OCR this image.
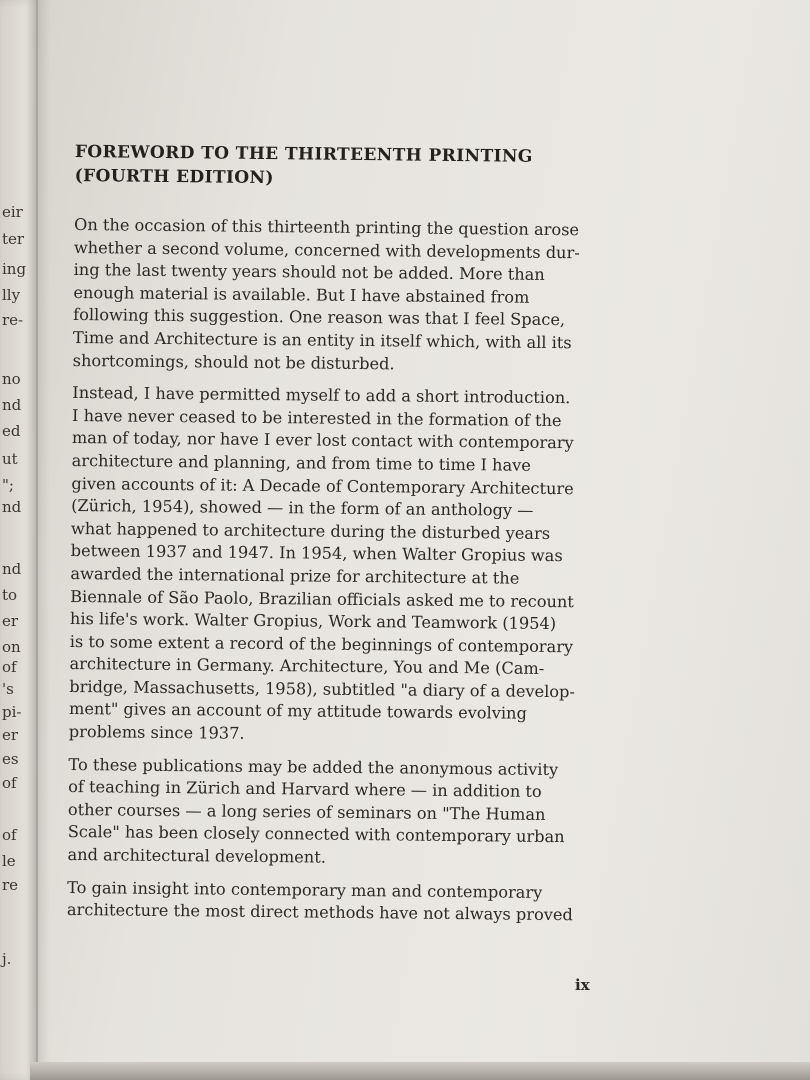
eir
ter
ing
lly
re-
no
nd
ed
ut
";
nd
nd
to
er
on
of
's
pi-
er
es
of
of
le
re
j.
FOREWORD TO THE THIRTEENTH PRINTING
(FOURTH EDITION)

On the occasion of this thirteenth printing the question arose
whether a second volume, concerned with developments dur-
ing the last twenty years should not be added. More than
enough material is available. But I have abstained from
following this suggestion. One reason was that I feel Space,
Time and Architecture is an entity in itself which, with all its
shortcomings, should not be disturbed.

Instead, I have permitted myself to add a short introduction.
I have never ceased to be interested in the formation of the
man of today, nor have I ever lost contact with contemporary
architecture and planning, and from time to time I have
given accounts of it: A Decade of Contemporary Architecture
(Zürich, 1954), showed — in the form of an anthology —
what happened to architecture during the disturbed years
between 1937 and 1947. In 1954, when Walter Gropius was
awarded the international prize for architecture at the
Biennale of São Paolo, Brazilian officials asked me to recount
his life's work. Walter Gropius, Work and Teamwork (1954)
is to some extent a record of the beginnings of contemporary
architecture in Germany. Architecture, You and Me (Cam-
bridge, Massachusetts, 1958), subtitled "a diary of a develop-
ment" gives an account of my attitude towards evolving
problems since 1937.

To these publications may be added the anonymous activity
of teaching in Zürich and Harvard where — in addition to
other courses — a long series of seminars on "The Human
Scale" has been closely connected with contemporary urban
and architectural development.

To gain insight into contemporary man and contemporary
architecture the most direct methods have not always proved

ix
